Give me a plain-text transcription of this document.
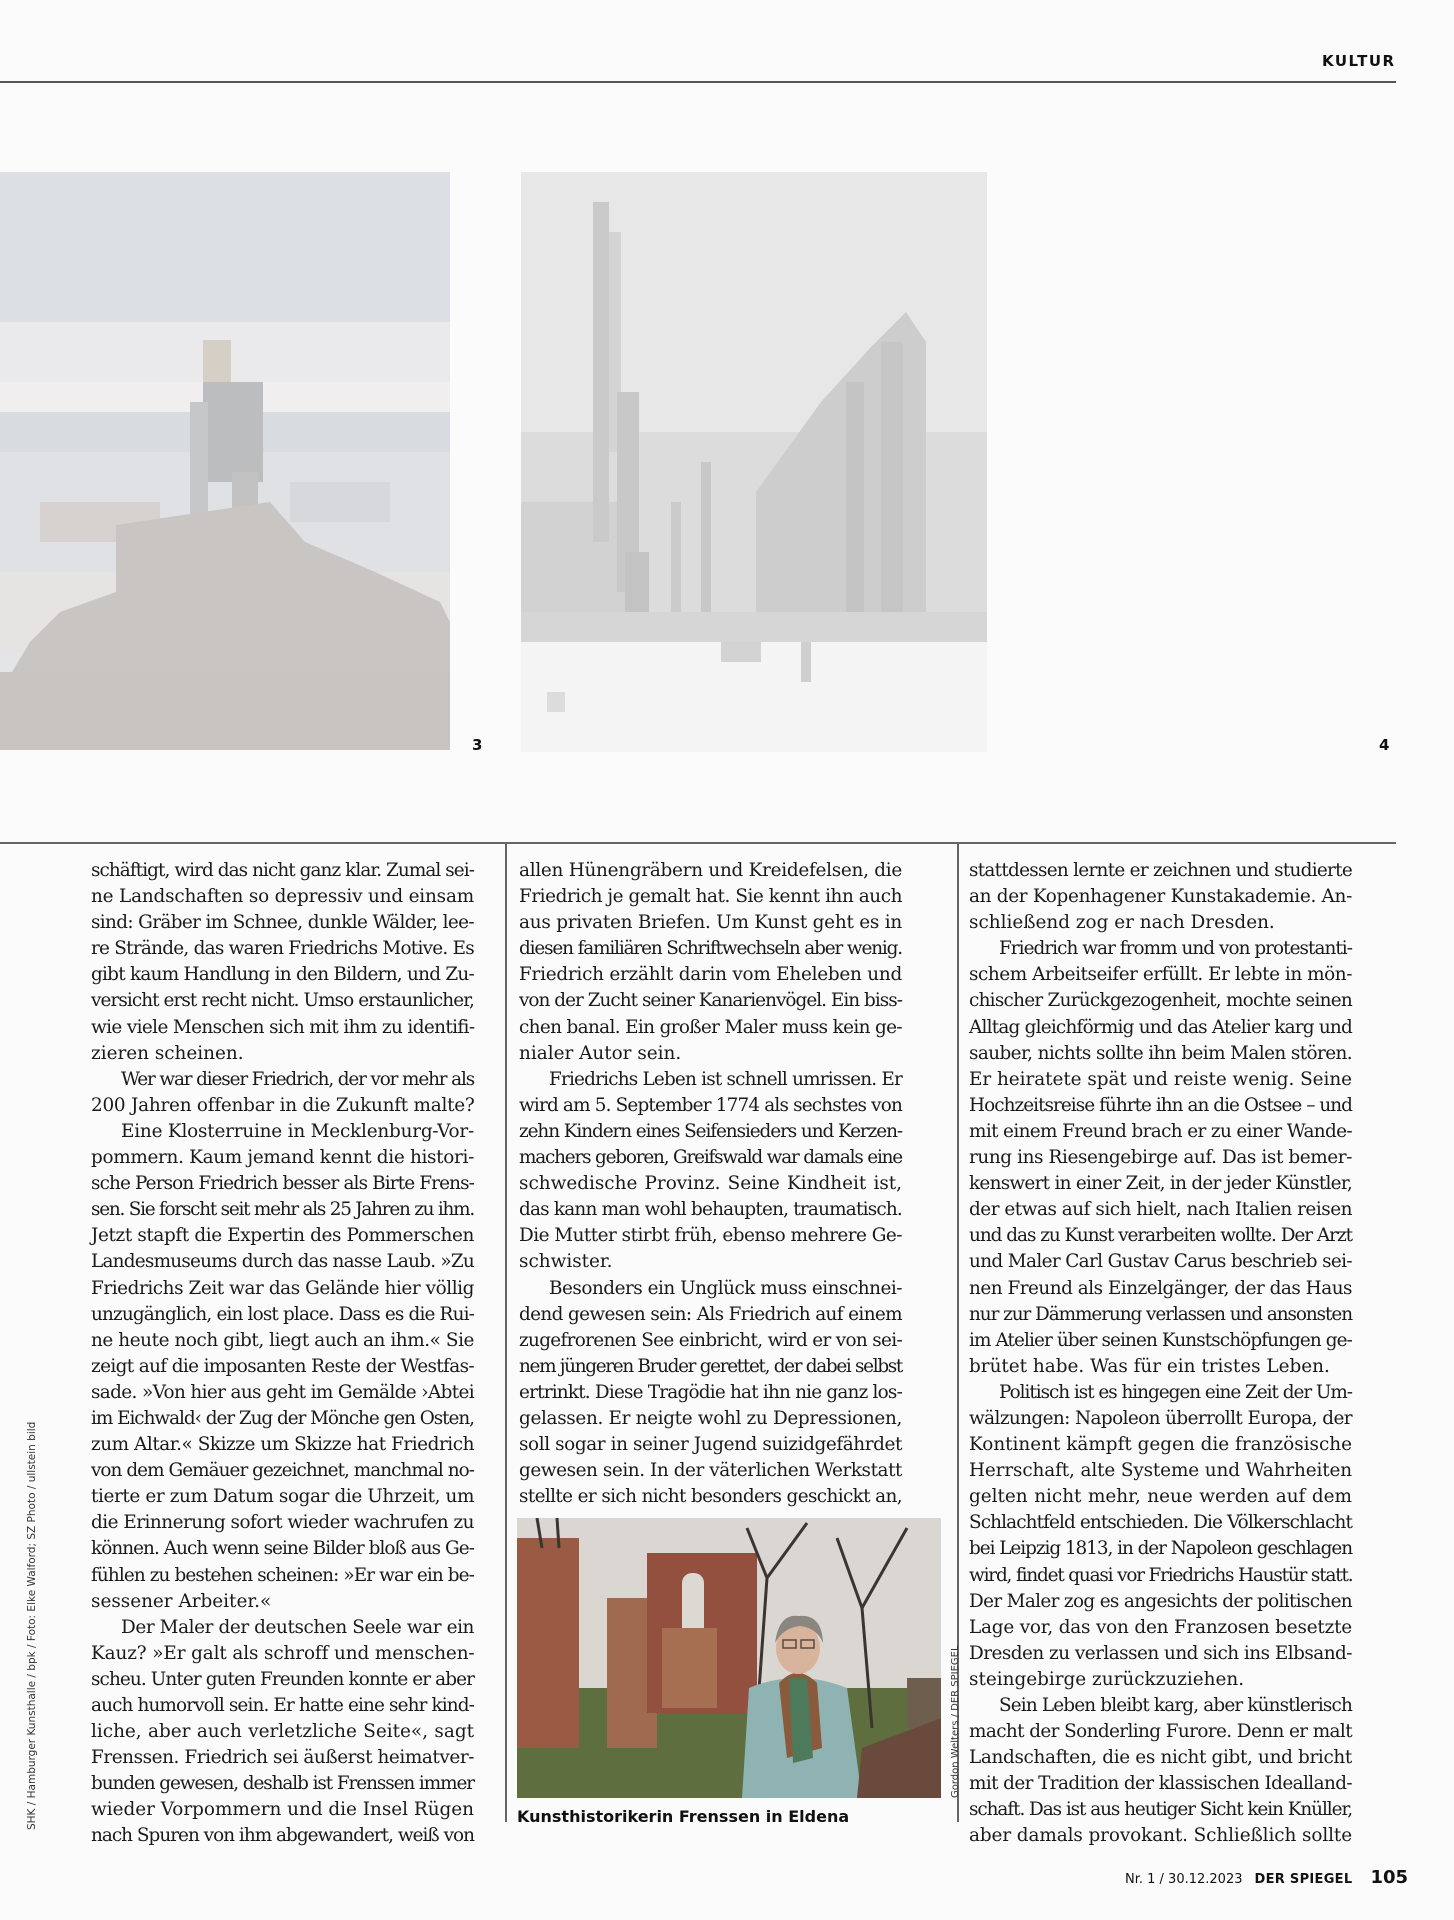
KULTUR
3	4
SHK / Hamburger Kunsthalle / bpk / Foto: Elke Walford; SZ Photo / ullstein bild

schäftigt, wird das nicht ganz klar. Zumal sei-
ne Landschaften so depressiv und einsam
sind: Gräber im Schnee, dunkle Wälder, lee-
re Strände, das waren Friedrichs Motive. Es
gibt kaum Handlung in den Bildern, und Zu-
versicht erst recht nicht. Umso erstaunlicher,
wie viele Menschen sich mit ihm zu identifi-
zieren scheinen.

Wer war dieser Friedrich, der vor mehr als
200 Jahren offenbar in die Zukunft malte?

Eine Klosterruine in Mecklenburg-Vor-
pommern. Kaum jemand kennt die histori-
sche Person Friedrich besser als Birte Frens-
sen. Sie forscht seit mehr als 25 Jahren zu ihm.
Jetzt stapft die Expertin des Pommerschen
Landesmuseums durch das nasse Laub. »Zu
Friedrichs Zeit war das Gelände hier völlig
unzugänglich, ein lost place. Dass es die Rui-
ne heute noch gibt, liegt auch an ihm.« Sie
zeigt auf die imposanten Reste der Westfas-
sade. »Von hier aus geht im Gemälde ›Abtei
im Eichwald‹ der Zug der Mönche gen Osten,
zum Altar.« Skizze um Skizze hat Friedrich
von dem Gemäuer gezeichnet, manchmal no-
tierte er zum Datum sogar die Uhrzeit, um
die Erinnerung sofort wieder wachrufen zu
können. Auch wenn seine Bilder bloß aus Ge-
fühlen zu bestehen scheinen: »Er war ein be-
sessener Arbeiter.«

Der Maler der deutschen Seele war ein
Kauz? »Er galt als schroff und menschen-
scheu. Unter guten Freunden konnte er aber
auch humorvoll sein. Er hatte eine sehr kind-
liche, aber auch verletzliche Seite«, sagt
Frenssen. Friedrich sei äußerst heimatver-
bunden gewesen, deshalb ist Frenssen immer
wieder Vorpommern und die Insel Rügen
nach Spuren von ihm abgewandert, weiß von

allen Hünengräbern und Kreidefelsen, die
Friedrich je gemalt hat. Sie kennt ihn auch
aus privaten Briefen. Um Kunst geht es in
diesen familiären Schriftwechseln aber wenig.
Friedrich erzählt darin vom Eheleben und
von der Zucht seiner Kanarienvögel. Ein biss-
chen banal. Ein großer Maler muss kein ge-
nialer Autor sein.

Friedrichs Leben ist schnell umrissen. Er
wird am 5. September 1774 als sechstes von
zehn Kindern eines Seifensieders und Kerzen-
machers geboren, Greifswald war damals eine
schwedische Provinz. Seine Kindheit ist,
das kann man wohl behaupten, traumatisch.
Die Mutter stirbt früh, ebenso mehrere Ge-
schwister.

Besonders ein Unglück muss einschnei-
dend gewesen sein: Als Friedrich auf einem
zugefrorenen See einbricht, wird er von sei-
nem jüngeren Bruder gerettet, der dabei selbst
ertrinkt. Diese Tragödie hat ihn nie ganz los-
gelassen. Er neigte wohl zu Depressionen,
soll sogar in seiner Jugend suizidgefährdet
gewesen sein. In der väterlichen Werkstatt
stellte er sich nicht besonders geschickt an,

stattdessen lernte er zeichnen und studierte
an der Kopenhagener Kunstakademie. An-
schließend zog er nach Dresden.

Friedrich war fromm und von protestanti-
schem Arbeitseifer erfüllt. Er lebte in mön-
chischer Zurückgezogenheit, mochte seinen
Alltag gleichförmig und das Atelier karg und
sauber, nichts sollte ihn beim Malen stören.
Er heiratete spät und reiste wenig. Seine
Hochzeitsreise führte ihn an die Ostsee – und
mit einem Freund brach er zu einer Wande-
rung ins Riesengebirge auf. Das ist bemer-
kenswert in einer Zeit, in der jeder Künstler,
der etwas auf sich hielt, nach Italien reisen
und das zu Kunst verarbeiten wollte. Der Arzt
und Maler Carl Gustav Carus beschrieb sei-
nen Freund als Einzelgänger, der das Haus
nur zur Dämmerung verlassen und ansonsten
im Atelier über seinen Kunstschöpfungen ge-
brütet habe. Was für ein tristes Leben.

Politisch ist es hingegen eine Zeit der Um-
wälzungen: Napoleon überrollt Europa, der
Kontinent kämpft gegen die französische
Herrschaft, alte Systeme und Wahrheiten
gelten nicht mehr, neue werden auf dem
Schlachtfeld entschieden. Die Völkerschlacht
bei Leipzig 1813, in der Napoleon geschlagen
wird, findet quasi vor Friedrichs Haustür statt.
Der Maler zog es angesichts der politischen
Lage vor, das von den Franzosen besetzte
Dresden zu verlassen und sich ins Elbsand-
steingebirge zurückzuziehen.

Sein Leben bleibt karg, aber künstlerisch
macht der Sonderling Furore. Denn er malt
Landschaften, die es nicht gibt, und bricht
mit der Tradition der klassischen Idealland-
schaft. Das ist aus heutiger Sicht kein Knüller,
aber damals provokant. Schließlich sollte

Gordon Welters / DER SPIEGEL
Kunsthistorikerin Frenssen in Eldena
Nr. 1 / 30.12.2023 DER SPIEGEL 105
